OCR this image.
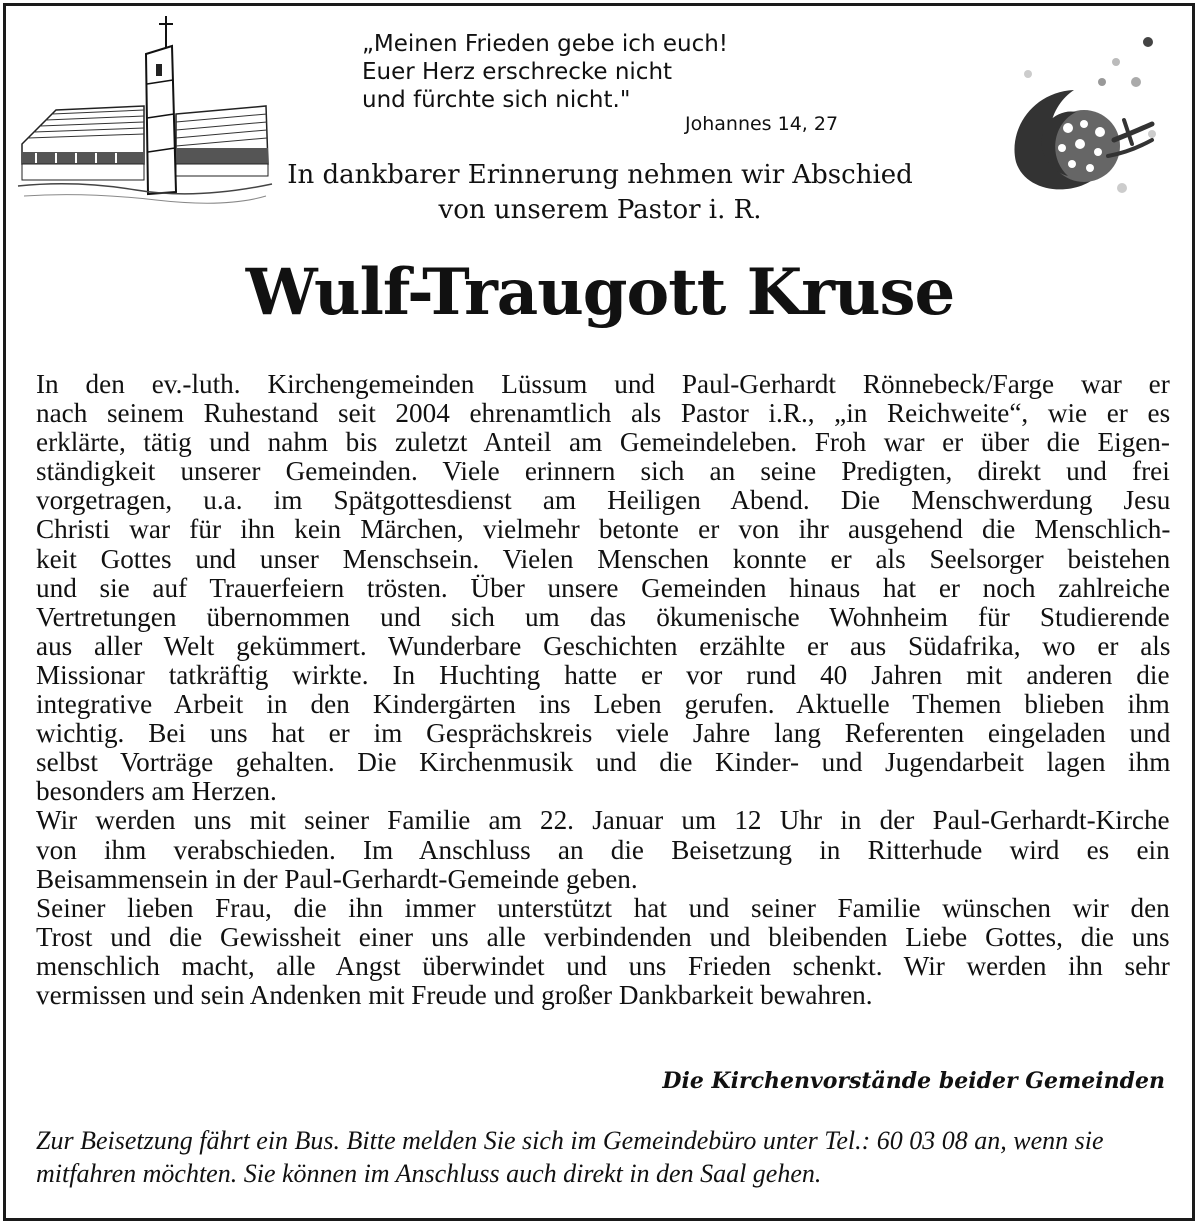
„Meinen Frieden gebe ich euch!
Euer Herz erschrecke nicht
und fürchte sich nicht."
Johannes 14, 27
In dankbarer Erinnerung nehmen wir Abschied
von unserem Pastor i. R.
Wulf-Traugott Kruse
In den ev.-luth. Kirchengemeinden Lüssum und Paul-Gerhardt Rönnebeck/Farge war er
nach seinem Ruhestand seit 2004 ehrenamtlich als Pastor i.R., „in Reichweite“, wie er es
erklärte, tätig und nahm bis zuletzt Anteil am Gemeindeleben. Froh war er über die Eigen-
ständigkeit unserer Gemeinden. Viele erinnern sich an seine Predigten, direkt und frei
vorgetragen, u.a. im Spätgottesdienst am Heiligen Abend. Die Menschwerdung Jesu
Christi war für ihn kein Märchen, vielmehr betonte er von ihr ausgehend die Menschlich-
keit Gottes und unser Menschsein. Vielen Menschen konnte er als Seelsorger beistehen
und sie auf Trauerfeiern trösten. Über unsere Gemeinden hinaus hat er noch zahlreiche
Vertretungen übernommen und sich um das ökumenische Wohnheim für Studierende
aus aller Welt gekümmert. Wunderbare Geschichten erzählte er aus Südafrika, wo er als
Missionar tatkräftig wirkte. In Huchting hatte er vor rund 40 Jahren mit anderen die
integrative Arbeit in den Kindergärten ins Leben gerufen. Aktuelle Themen blieben ihm
wichtig. Bei uns hat er im Gesprächskreis viele Jahre lang Referenten eingeladen und
selbst Vorträge gehalten. Die Kirchenmusik und die Kinder- und Jugendarbeit lagen ihm
besonders am Herzen.
Wir werden uns mit seiner Familie am 22. Januar um 12 Uhr in der Paul-Gerhardt-Kirche
von ihm verabschieden. Im Anschluss an die Beisetzung in Ritterhude wird es ein
Beisammensein in der Paul-Gerhardt-Gemeinde geben.
Seiner lieben Frau, die ihn immer unterstützt hat und seiner Familie wünschen wir den
Trost und die Gewissheit einer uns alle verbindenden und bleibenden Liebe Gottes, die uns
menschlich macht, alle Angst überwindet und uns Frieden schenkt. Wir werden ihn sehr
vermissen und sein Andenken mit Freude und großer Dankbarkeit bewahren.
Die Kirchenvorstände beider Gemeinden
Zur Beisetzung fährt ein Bus. Bitte melden Sie sich im Gemeindebüro unter Tel.: 60 03 08 an, wenn sie
mitfahren möchten. Sie können im Anschluss auch direkt in den Saal gehen.
